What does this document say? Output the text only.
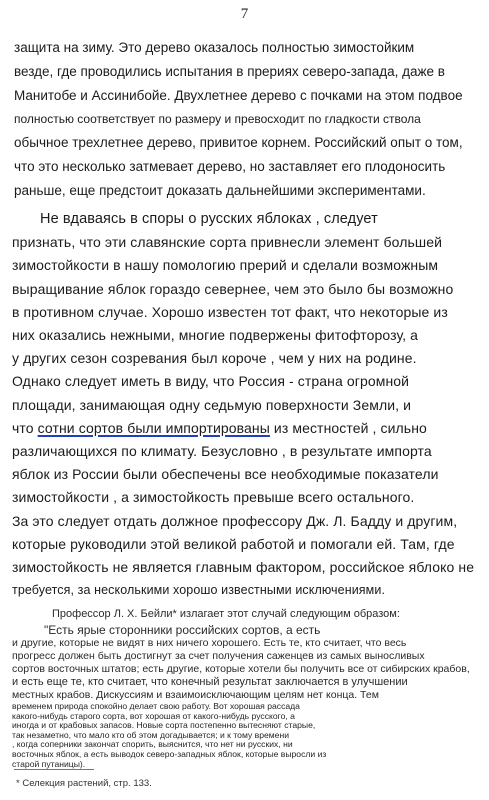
7
защита на зиму. Это дерево оказалось полностью зимостойким
везде, где проводились испытания в прериях северо-запада, даже в
Манитобе и Ассинибойе. Двухлетнее дерево с почками на этом подвое
полностью соответствует по размеру и превосходит по гладкости ствола
обычное трехлетнее дерево, привитое корнем. Российский опыт о том,
что это несколько затмевает дерево, но заставляет его плодоносить
раньше, еще предстоит доказать дальнейшими экспериментами.
Не вдаваясь в споры о русских яблоках , следует
признать, что эти славянские сорта привнесли элемент большей
зимостойкости в нашу помологию прерий и сделали возможным
выращивание яблок гораздо севернее, чем это было бы возможно
в противном случае. Хорошо известен тот факт, что некоторые из
них оказались нежными, многие подвержены фитофторозу, а
у других сезон созревания был короче , чем у них на родине.
Однако следует иметь в виду, что Россия - страна огромной
площади, занимающая одну седьмую поверхности Земли, и
что сотни сортов были импортированы из местностей , сильно
различающихся по климату. Безусловно , в результате импорта
яблок из России были обеспечены все необходимые показатели
зимостойкости , а зимостойкость превыше всего остального.
За это следует отдать должное профессору Дж. Л. Бадду и другим,
которые руководили этой великой работой и помогали ей. Там, где
зимостойкость не является главным фактором, российское яблоко не
требуется, за несколькими хорошо известными исключениями.
Профессор Л. Х. Бейли* излагает этот случай следующим образом:
"Есть ярые сторонники российских сортов, а есть
и другие, которые не видят в них ничего хорошего. Есть те, кто считает, что весь
прогресс должен быть достигнут за счет получения саженцев из самых выносливых
сортов восточных штатов; есть другие, которые хотели бы получить все от сибирских крабов,
и есть еще те, кто считает, что конечный результат заключается в улучшении
местных крабов. Дискуссиям и взаимоисключающим целям нет конца. Тем
временем природа спокойно делает свою работу. Вот хорошая рассада
какого-нибудь старого сорта, вот хорошая от какого-нибудь русского, а
иногда и от крабовых запасов. Новые сорта постепенно вытесняют старые,
так незаметно, что мало кто об этом догадывается; и к тому времени
, когда соперники закончат спорить, выяснится, что нет ни русских, ни
восточных яблок, а есть выводок северо-западных яблок, которые выросли из
старой путаницы).
* Селекция растений, стр. 133.
